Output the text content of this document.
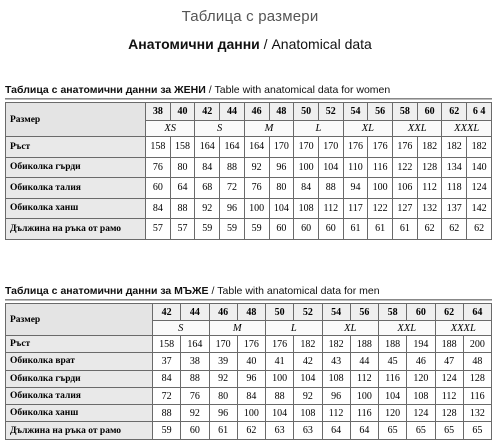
Таблица с размери
Анатомични данни / Anatomical data
Таблица с анатомични данни за ЖЕНИ / Table with anatomical data for women
Размер	38	40	42	44	46	48	50	52	54	56	58	60	62	6 4
	XS		S		M		L		XL		XXL		XXXL	
Ръст	158	158	164	164	164	170	170	170	176	176	176	182	182	182
Обиколка гърди	76	80	84	88	92	96	100	104	110	116	122	128	134	140
Обиколка талия	60	64	68	72	76	80	84	88	94	100	106	112	118	124
Обиколка ханш	84	88	92	96	100	104	108	112	117	122	127	132	137	142
Дължина на ръка от рамо	57	57	59	59	59	60	60	60	61	61	61	62	62	62
Таблица с анатомични данни за МЪЖЕ / Table with anatomical data for men
Размер	42	44	46	48	50	52	54	56	58	60	62	64
	S		M		L		XL		XXL		XXXL	
Ръст	158	164	170	176	176	182	182	188	188	194	188	200
Обиколка врат	37	38	39	40	41	42	43	44	45	46	47	48
Обиколка гърди	84	88	92	96	100	104	108	112	116	120	124	128
Обиколка талия	72	76	80	84	88	92	96	100	104	108	112	116
Обиколка ханш	88	92	96	100	104	108	112	116	120	124	128	132
Дължина на ръка от рамо	59	60	61	62	63	63	64	64	65	65	65	65
